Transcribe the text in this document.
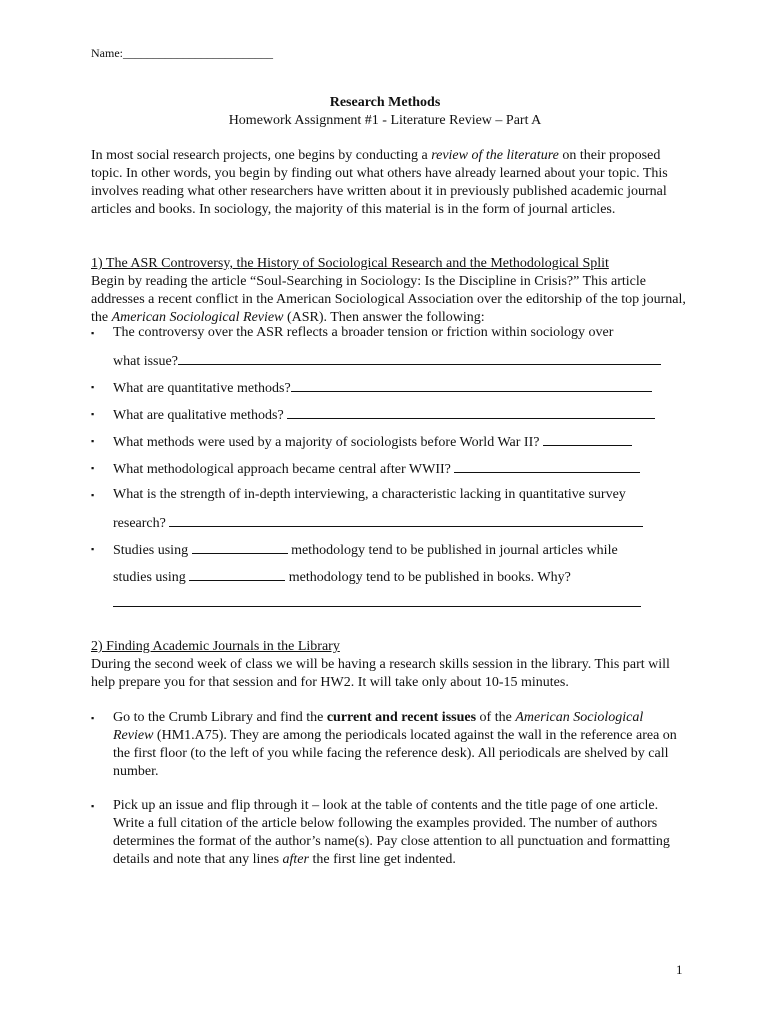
Name:_________________________
Research Methods
Homework Assignment #1 - Literature Review – Part A
In most social research projects, one begins by conducting a review of the literature on their proposed topic. In other words, you begin by finding out what others have already learned about your topic. This involves reading what other researchers have written about it in previously published academic journal articles and books. In sociology, the majority of this material is in the form of journal articles.
1) The ASR Controversy, the History of Sociological Research and the Methodological Split
Begin by reading the article “Soul-Searching in Sociology: Is the Discipline in Crisis?” This article addresses a recent conflict in the American Sociological Association over the editorship of the top journal, the American Sociological Review (ASR). Then answer the following:
▪ The controversy over the ASR reflects a broader tension or friction within sociology over
what issue?
▪ What are quantitative methods?
▪ What are qualitative methods?
▪ What methods were used by a majority of sociologists before World War II?
▪ What methodological approach became central after WWII?
▪ What is the strength of in-depth interviewing, a characteristic lacking in quantitative survey
research?
▪ Studies using	methodology tend to be published in journal articles while
studies using	methodology tend to be published in books. Why?
2) Finding Academic Journals in the Library
During the second week of class we will be having a research skills session in the library. This part will help prepare you for that session and for HW2. It will take only about 10-15 minutes.
▪ Go to the Crumb Library and find the current and recent issues of the American Sociological Review (HM1.A75). They are among the periodicals located against the wall in the reference area on the first floor (to the left of you while facing the reference desk). All periodicals are shelved by call number.
▪ Pick up an issue and flip through it – look at the table of contents and the title page of one article. Write a full citation of the article below following the examples provided. The number of authors determines the format of the author’s name(s). Pay close attention to all punctuation and formatting details and note that any lines after the first line get indented.
1
